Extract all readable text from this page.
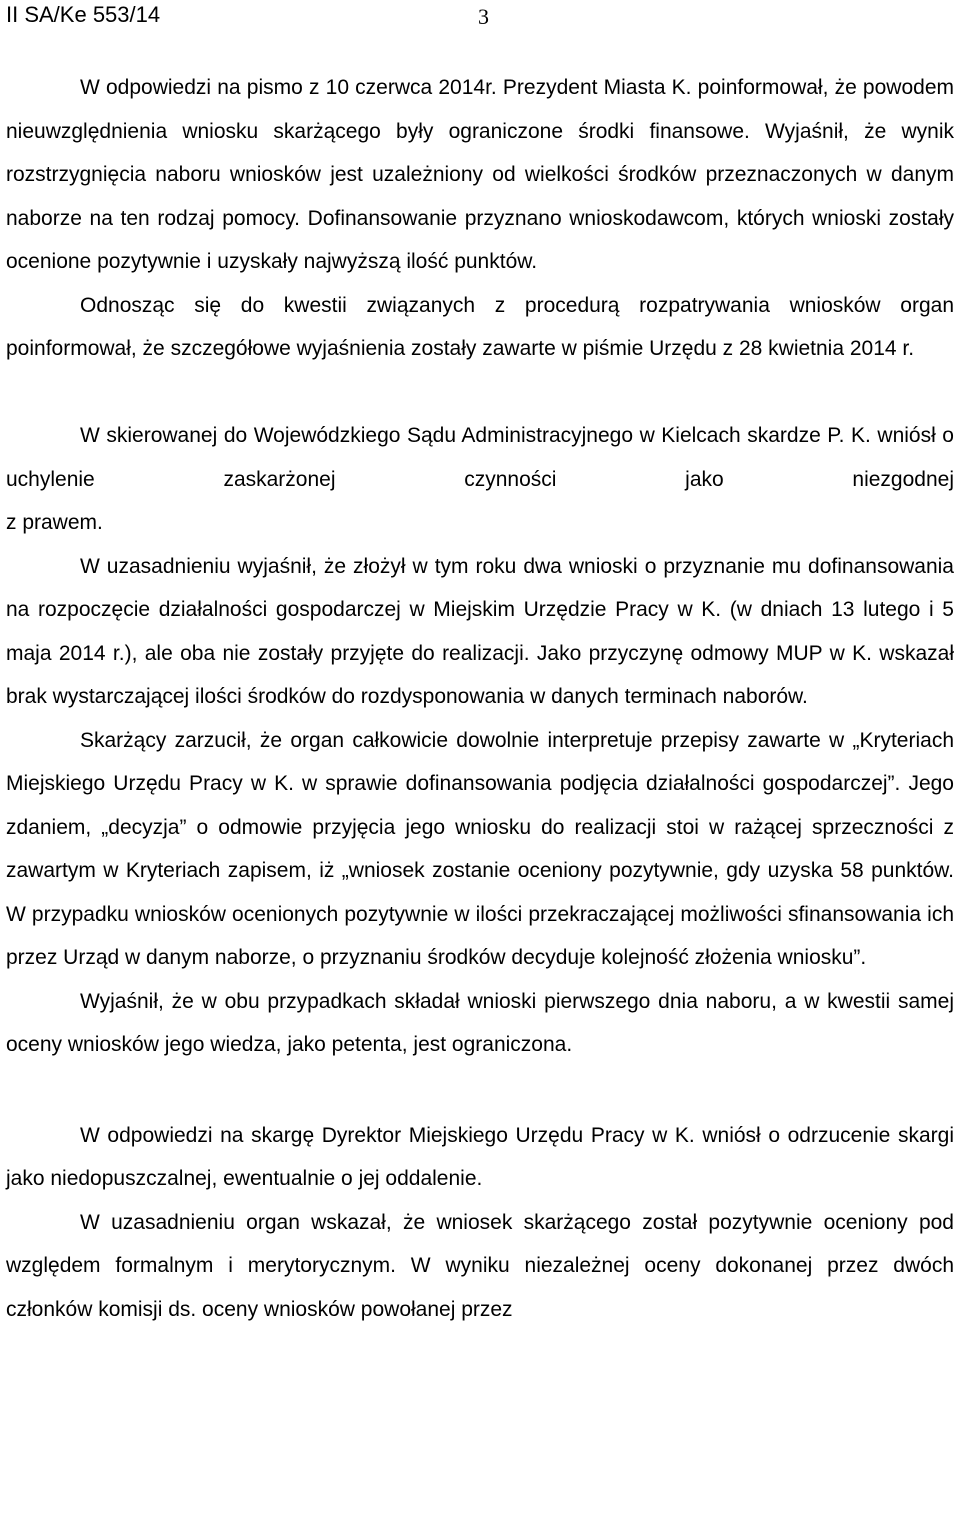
II SA/Ke 553/14	3

W odpowiedzi na pismo z 10 czerwca 2014r. Prezydent Miasta K. poinformował, że powodem nieuwzględnienia wniosku skarżącego były ograniczone środki finansowe. Wyjaśnił, że wynik rozstrzygnięcia naboru wniosków jest uzależniony od wielkości środków przeznaczonych w danym naborze na ten rodzaj pomocy. Dofinansowanie przyznano wnioskodawcom, których wnioski zostały ocenione pozytywnie i uzyskały najwyższą ilość punktów.

Odnosząc się do kwestii związanych z procedurą rozpatrywania wniosków organ poinformował, że szczegółowe wyjaśnienia zostały zawarte w piśmie Urzędu z 28 kwietnia 2014 r.

W skierowanej do Wojewódzkiego Sądu Administracyjnego w Kielcach skardze P. K. wniósł o uchylenie zaskarżonej czynności jako niezgodnej

z prawem.

W uzasadnieniu wyjaśnił, że złożył w tym roku dwa wnioski o przyznanie mu dofinansowania na rozpoczęcie działalności gospodarczej w Miejskim Urzędzie Pracy w K. (w dniach 13 lutego i 5 maja 2014 r.), ale oba nie zostały przyjęte do realizacji. Jako przyczynę odmowy MUP w K. wskazał brak wystarczającej ilości środków do rozdysponowania w danych terminach naborów.

Skarżący zarzucił, że organ całkowicie dowolnie interpretuje przepisy zawarte w „Kryteriach Miejskiego Urzędu Pracy w K. w sprawie dofinansowania podjęcia działalności gospodarczej”. Jego zdaniem, „decyzja” o odmowie przyjęcia jego wniosku do realizacji stoi w rażącej sprzeczności z zawartym w Kryteriach zapisem, iż „wniosek zostanie oceniony pozytywnie, gdy uzyska 58 punktów. W przypadku wniosków ocenionych pozytywnie w ilości przekraczającej możliwości sfinansowania ich przez Urząd w danym naborze, o przyznaniu środków decyduje kolejność złożenia wniosku”.

Wyjaśnił, że w obu przypadkach składał wnioski pierwszego dnia naboru, a w kwestii samej oceny wniosków jego wiedza, jako petenta, jest ograniczona.

W odpowiedzi na skargę Dyrektor Miejskiego Urzędu Pracy w K. wniósł o odrzucenie skargi jako niedopuszczalnej, ewentualnie o jej oddalenie.

W uzasadnieniu organ wskazał, że wniosek skarżącego został pozytywnie oceniony pod względem formalnym i merytorycznym. W wyniku niezależnej oceny dokonanej przez dwóch członków komisji ds. oceny wniosków powołanej przez
